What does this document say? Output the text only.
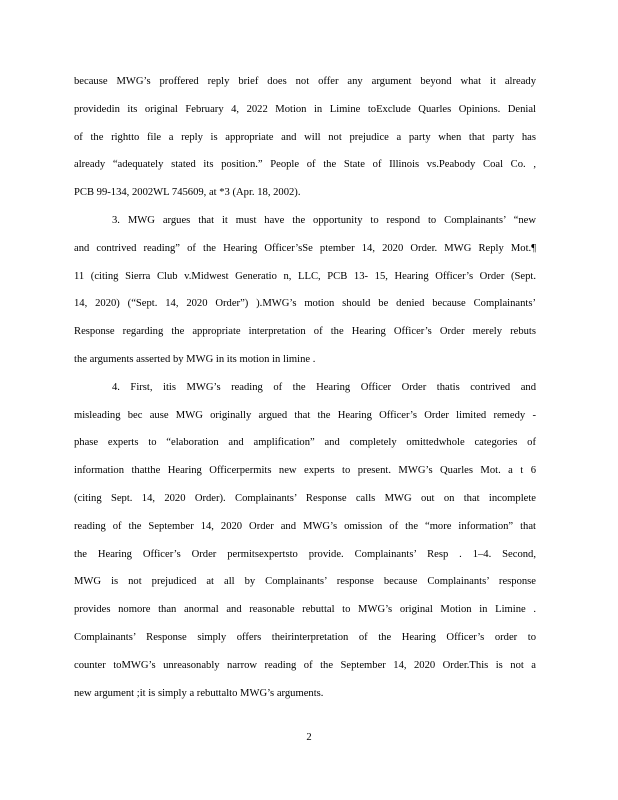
because MWG’s proffered reply brief does not offer any argument beyond what it already
providedin its original February 4, 2022 Motion in Limine toExclude Quarles Opinions. Denial
of the rightto file a reply is appropriate and will not prejudice a party when that party has
already “adequately stated its position.” People of the State of Illinois vs.Peabody Coal Co. ,
PCB 99-134, 2002WL 745609, at *3 (Apr. 18, 2002).
3. MWG argues that it must have the opportunity to respond to Complainants’ “new
and contrived reading” of the Hearing Officer’sSe ptember 14, 2020 Order. MWG Reply Mot.¶
11 (citing Sierra Club v.Midwest Generatio n, LLC, PCB 13- 15, Hearing Officer’s Order (Sept.
14, 2020) (“Sept. 14, 2020 Order”) ).MWG’s motion should be denied because Complainants’
Response regarding the appropriate interpretation of the Hearing Officer’s Order merely rebuts
the arguments asserted by MWG in its motion in limine .
4. First, itis MWG’s reading of the Hearing Officer Order thatis contrived and
misleading bec ause MWG originally argued that the Hearing Officer’s Order limited remedy -
phase experts to “elaboration and amplification” and completely omittedwhole categories of
information thatthe Hearing Officerpermits new experts to present. MWG’s Quarles Mot. a t 6
(citing Sept. 14, 2020 Order). Complainants’ Response calls MWG out on that incomplete
reading of the September 14, 2020 Order and MWG’s omission of the “more information” that
the Hearing Officer’s Order permitsexpertsto provide. Complainants’ Resp . 1–4. Second,
MWG is not prejudiced at all by Complainants’ response because Complainants’ response
provides nomore than anormal and reasonable rebuttal to MWG’s original Motion in Limine .
Complainants’ Response simply offers theirinterpretation of the Hearing Officer’s order to
counter toMWG’s unreasonably narrow reading of the September 14, 2020 Order.This is not a
new argument ;it is simply a rebuttalto MWG’s arguments.
2
